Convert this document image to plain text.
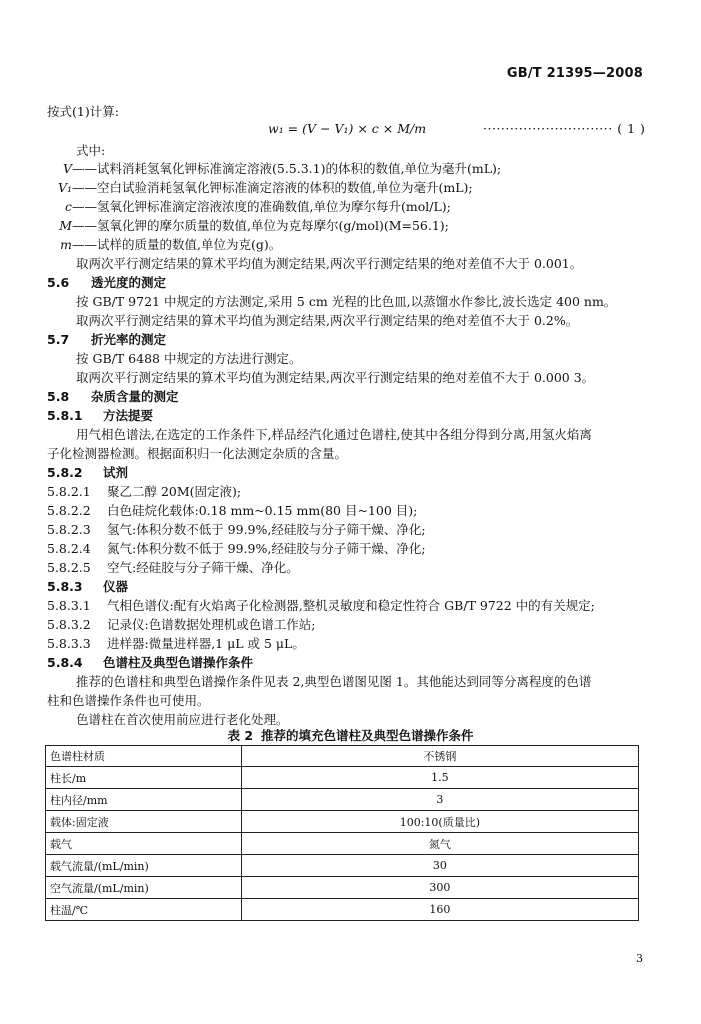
GB/T 21395—2008
按式(1)计算:
w₁ = (V − V₁) × c × M/m	····························· ( 1 )
式中:
V——试料消耗氢氧化钾标准滴定溶液(5.5.3.1)的体积的数值,单位为毫升(mL);
V₁——空白试验消耗氢氧化钾标准滴定溶液的体积的数值,单位为毫升(mL);
c——氢氧化钾标准滴定溶液浓度的准确数值,单位为摩尔每升(mol/L);
M——氢氧化钾的摩尔质量的数值,单位为克每摩尔(g/mol)(M=56.1);
m——试样的质量的数值,单位为克(g)。
取两次平行测定结果的算术平均值为测定结果,两次平行测定结果的绝对差值不大于 0.001。
5.6 透光度的测定
按 GB/T 9721 中规定的方法测定,采用 5 cm 光程的比色皿,以蒸馏水作参比,波长选定 400 nm。
取两次平行测定结果的算术平均值为测定结果,两次平行测定结果的绝对差值不大于 0.2%。
5.7 折光率的测定
按 GB/T 6488 中规定的方法进行测定。
取两次平行测定结果的算术平均值为测定结果,两次平行测定结果的绝对差值不大于 0.000 3。
5.8 杂质含量的测定
5.8.1 方法提要
用气相色谱法,在选定的工作条件下,样品经汽化通过色谱柱,使其中各组分得到分离,用氢火焰离
子化检测器检测。根据面积归一化法测定杂质的含量。
5.8.2 试剂
5.8.2.1 聚乙二醇 20M(固定液);
5.8.2.2 白色硅烷化载体:0.18 mm~0.15 mm(80 目~100 目);
5.8.2.3 氢气:体积分数不低于 99.9%,经硅胶与分子筛干燥、净化;
5.8.2.4 氮气:体积分数不低于 99.9%,经硅胶与分子筛干燥、净化;
5.8.2.5 空气:经硅胶与分子筛干燥、净化。
5.8.3 仪器
5.8.3.1 气相色谱仪:配有火焰离子化检测器,整机灵敏度和稳定性符合 GB/T 9722 中的有关规定;
5.8.3.2 记录仪:色谱数据处理机或色谱工作站;
5.8.3.3 进样器:微量进样器,1 μL 或 5 μL。
5.8.4 色谱柱及典型色谱操作条件
推荐的色谱柱和典型色谱操作条件见表 2,典型色谱图见图 1。其他能达到同等分离程度的色谱
柱和色谱操作条件也可使用。
色谱柱在首次使用前应进行老化处理。
表 2 推荐的填充色谱柱及典型色谱操作条件
色谱柱材质	不锈钢
柱长/m	1.5
柱内径/mm	3
载体:固定液	100:10(质量比)
载气	氮气
载气流量/(mL/min)	30
空气流量/(mL/min)	300
柱温/℃	160
3
